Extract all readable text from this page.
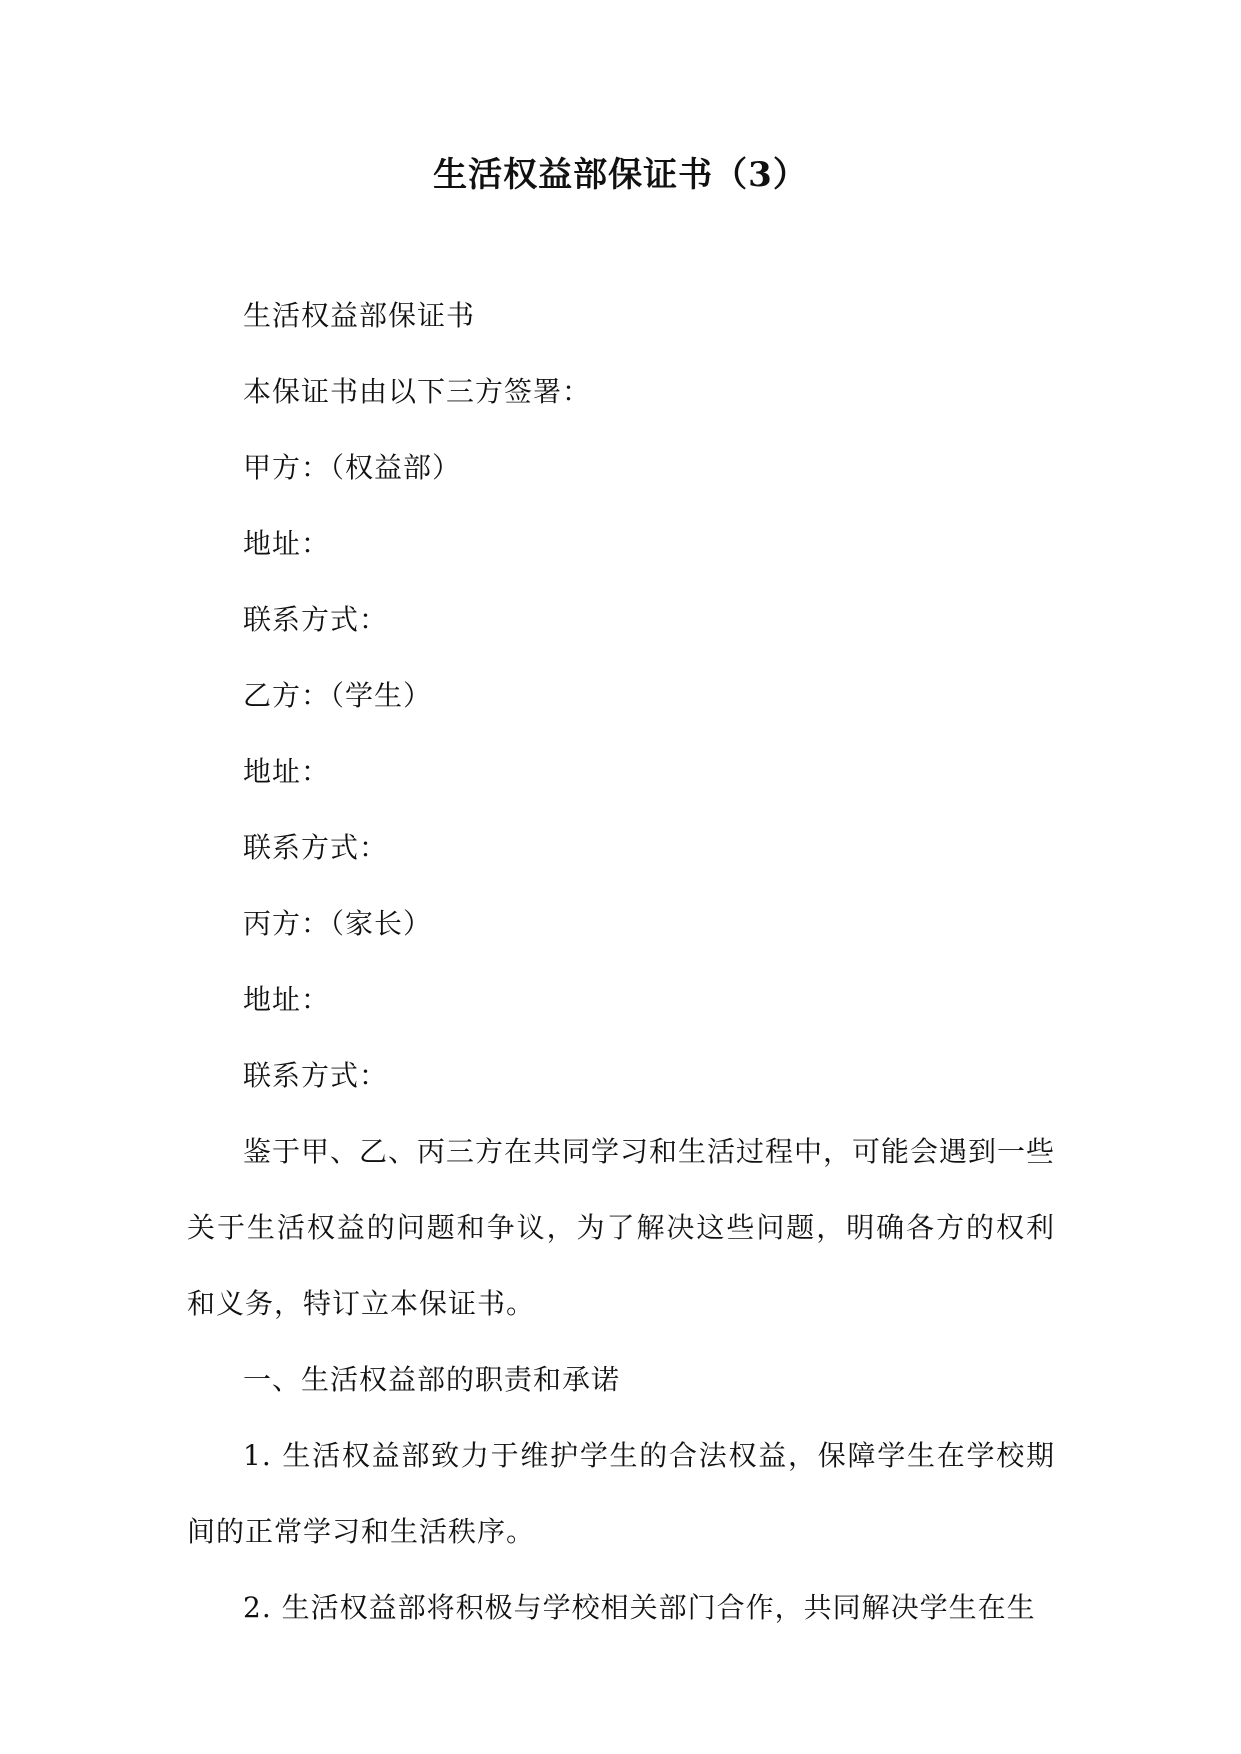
生活权益部保证书（3）

生活权益部保证书

本保证书由以下三方签署：

甲方：（权益部）

地址：

联系方式：

乙方：（学生）

地址：

联系方式：

丙方：（家长）

地址：

联系方式：

鉴于甲、乙、丙三方在共同学习和生活过程中，可能会遇到一些关于生活权益的问题和争议，为了解决这些问题，明确各方的权利和义务，特订立本保证书。

一、生活权益部的职责和承诺

1. 生活权益部致力于维护学生的合法权益，保障学生在学校期间的正常学习和生活秩序。

2. 生活权益部将积极与学校相关部门合作，共同解决学生在生
